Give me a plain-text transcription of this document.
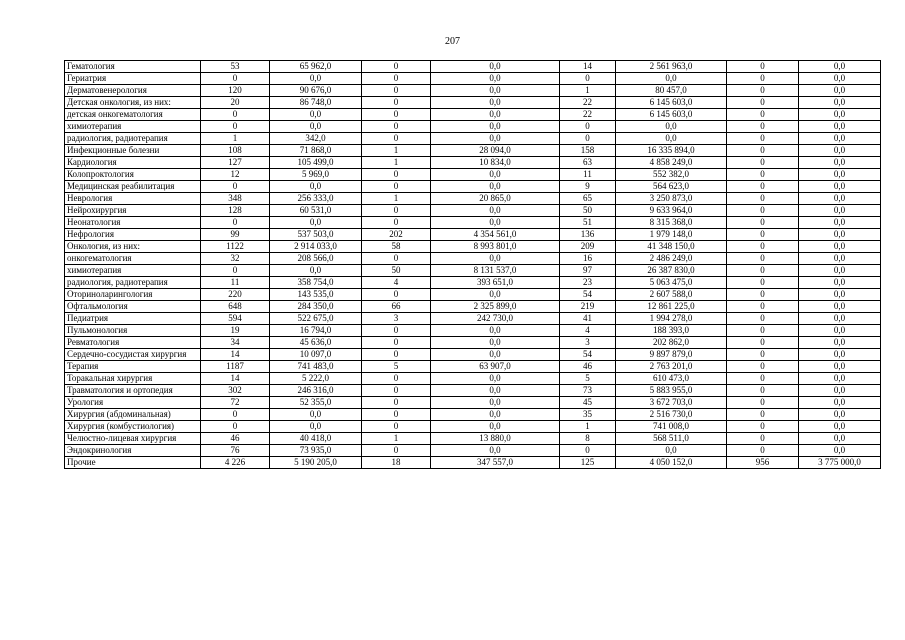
207
Гематология	53	65 962,0	0	0,0	14	2 561 963,0	0	0,0
Гериатрия	0	0,0	0	0,0	0	0,0	0	0,0
Дерматовенерология	120	90 676,0	0	0,0	1	80 457,0	0	0,0
Детская онкология, из них:	20	86 748,0	0	0,0	22	6 145 603,0	0	0,0
детская онкогематология	0	0,0	0	0,0	22	6 145 603,0	0	0,0
химиотерапия	0	0,0	0	0,0	0	0,0	0	0,0
радиология, радиотерапия	1	342,0	0	0,0	0	0,0	0	0,0
Инфекционные болезни	108	71 868,0	1	28 094,0	158	16 335 894,0	0	0,0
Кардиология	127	105 499,0	1	10 834,0	63	4 858 249,0	0	0,0
Колопроктология	12	5 969,0	0	0,0	11	552 382,0	0	0,0
Медицинская реабилитация	0	0,0	0	0,0	9	564 623,0	0	0,0
Неврология	348	256 333,0	1	20 865,0	65	3 250 873,0	0	0,0
Нейрохирургия	128	60 531,0	0	0,0	50	9 633 964,0	0	0,0
Неонатология	0	0,0	0	0,0	51	8 315 368,0	0	0,0
Нефрология	99	537 503,0	202	4 354 561,0	136	1 979 148,0	0	0,0
Онкология, из них:	1122	2 914 033,0	58	8 993 801,0	209	41 348 150,0	0	0,0
онкогематология	32	208 566,0	0	0,0	16	2 486 249,0	0	0,0
химиотерапия	0	0,0	50	8 131 537,0	97	26 387 830,0	0	0,0
радиология, радиотерапия	11	358 754,0	4	393 651,0	23	5 063 475,0	0	0,0
Оториноларингология	220	143 535,0	0	0,0	54	2 607 588,0	0	0,0
Офтальмология	648	284 350,0	66	2 325 899,0	219	12 861 225,0	0	0,0
Педиатрия	594	522 675,0	3	242 730,0	41	1 994 278,0	0	0,0
Пульмонология	19	16 794,0	0	0,0	4	188 393,0	0	0,0
Ревматология	34	45 636,0	0	0,0	3	202 862,0	0	0,0
Сердечно-сосудистая хирургия	14	10 097,0	0	0,0	54	9 897 879,0	0	0,0
Терапия	1187	741 483,0	5	63 907,0	46	2 763 201,0	0	0,0
Торакальная хирургия	14	5 222,0	0	0,0	5	610 473,0	0	0,0
Травматология и ортопедия	302	246 316,0	0	0,0	73	5 883 955,0	0	0,0
Урология	72	52 355,0	0	0,0	45	3 672 703,0	0	0,0
Хирургия (абдоминальная)	0	0,0	0	0,0	35	2 516 730,0	0	0,0
Хирургия (комбустиология)	0	0,0	0	0,0	1	741 008,0	0	0,0
Челюстно-лицевая хирургия	46	40 418,0	1	13 880,0	8	568 511,0	0	0,0
Эндокринология	76	73 935,0	0	0,0	0	0,0	0	0,0
Прочие	4 226	5 190 205,0	18	347 557,0	125	4 050 152,0	956	3 775 000,0
